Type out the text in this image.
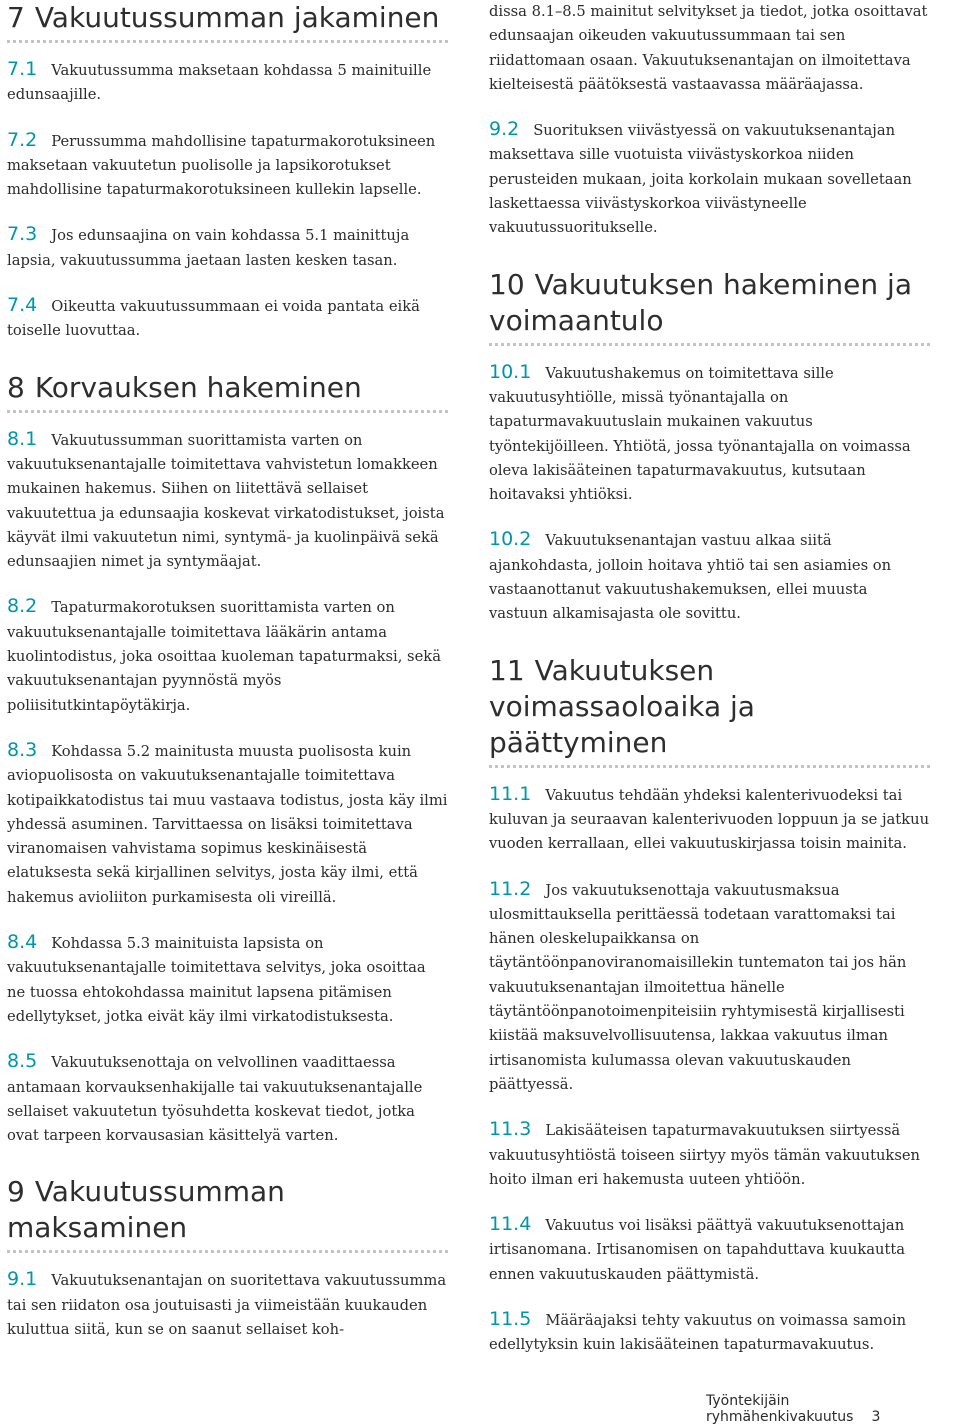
7 Vakuutussumman jakaminen

7.1 Vakuutussumma maksetaan kohdassa 5 mainituille edunsaajille.

7.2 Perussumma mahdollisine tapaturmakorotuksineen maksetaan vakuutetun puolisolle ja lapsikorotukset mahdollisine tapaturmakorotuksineen kullekin lapselle.

7.3 Jos edunsaajina on vain kohdassa 5.1 mainittuja lapsia, vakuutussumma jaetaan lasten kesken tasan.

7.4 Oikeutta vakuutussummaan ei voida pantata eikä toiselle luovuttaa.

8 Korvauksen hakeminen

8.1 Vakuutussumman suorittamista varten on vakuutuksenantajalle toimitettava vahvistetun lomakkeen mukainen hakemus. Siihen on liitettävä sellaiset vakuutettua ja edunsaajia koskevat virkatodistukset, joista käyvät ilmi vakuutetun nimi, syntymä- ja kuolinpäivä sekä edunsaajien nimet ja syntymäajat.

8.2 Tapaturmakorotuksen suorittamista varten on vakuutuksenantajalle toimitettava lääkärin antama kuolintodistus, joka osoittaa kuoleman tapaturmaksi, sekä vakuutuksenantajan pyynnöstä myös poliisitutkintapöytäkirja.

8.3 Kohdassa 5.2 mainitusta muusta puolisosta kuin aviopuolisosta on vakuutuksenantajalle toimitettava kotipaikkatodistus tai muu vastaava todistus, josta käy ilmi yhdessä asuminen. Tarvittaessa on lisäksi toimitettava viranomaisen vahvistama sopimus keskinäisestä elatuksesta sekä kirjallinen selvitys, josta käy ilmi, että hakemus avioliiton purkamisesta oli vireillä.

8.4 Kohdassa 5.3 mainituista lapsista on vakuutuksenantajalle toimitettava selvitys, joka osoittaa ne tuossa ehtokohdassa mainitut lapsena pitämisen edellytykset, jotka eivät käy ilmi virkatodistuksesta.

8.5 Vakuutuksenottaja on velvollinen vaadittaessa antamaan korvauksenhakijalle tai vakuutuksenantajalle sellaiset vakuutetun työsuhdetta koskevat tiedot, jotka ovat tarpeen korvausasian käsittelyä varten.

9 Vakuutussumman maksaminen

9.1 Vakuutuksenantajan on suoritettava vakuutussumma tai sen riidaton osa joutuisasti ja viimeistään kuukauden kuluttua siitä, kun se on saanut sellaiset koh-

dissa 8.1–8.5 mainitut selvitykset ja tiedot, jotka osoittavat edunsaajan oikeuden vakuutussummaan tai sen riidattomaan osaan. Vakuutuksenantajan on ilmoitettava kielteisestä päätöksestä vastaavassa määräajassa.

9.2 Suorituksen viivästyessä on vakuutuksenantajan maksettava sille vuotuista viivästyskorkoa niiden perusteiden mukaan, joita korkolain mukaan sovelletaan laskettaessa viivästyskorkoa viivästyneelle vakuutussuoritukselle.

10 Vakuutuksen hakeminen ja voimaantulo

10.1 Vakuutushakemus on toimitettava sille vakuutusyhtiölle, missä työnantajalla on tapaturmavakuutuslain mukainen vakuutus työntekijöilleen. Yhtiötä, jossa työnantajalla on voimassa oleva lakisääteinen tapaturmavakuutus, kutsutaan hoitavaksi yhtiöksi.

10.2 Vakuutuksenantajan vastuu alkaa siitä ajankohdasta, jolloin hoitava yhtiö tai sen asiamies on vastaanottanut vakuutushakemuksen, ellei muusta vastuun alkamisajasta ole sovittu.

11 Vakuutuksen voimassaoloaika ja päättyminen

11.1 Vakuutus tehdään yhdeksi kalenterivuodeksi tai kuluvan ja seuraavan kalenterivuoden loppuun ja se jatkuu vuoden kerrallaan, ellei vakuutuskirjassa toisin mainita.

11.2 Jos vakuutuksenottaja vakuutusmaksua ulosmittauksella perittäessä todetaan varattomaksi tai hänen oleskelupaikkansa on täytäntöönpanoviranomaisillekin tuntematon tai jos hän vakuutuksenantajan ilmoitettua hänelle täytäntöönpanotoimenpiteisiin ryhtymisestä kirjallisesti kiistää maksuvelvollisuutensa, lakkaa vakuutus ilman irtisanomista kulumassa olevan vakuutuskauden päättyessä.

11.3 Lakisääteisen tapaturmavakuutuksen siirtyessä vakuutusyhtiöstä toiseen siirtyy myös tämän vakuutuksen hoito ilman eri hakemusta uuteen yhtiöön.

11.4 Vakuutus voi lisäksi päättyä vakuutuksenottajan irtisanomana. Irtisanomisen on tapahduttava kuukautta ennen vakuutuskauden päättymistä.

11.5 Määräajaksi tehty vakuutus on voimassa samoin edellytyksin kuin lakisääteinen tapaturmavakuutus.

Työntekijäin ryhmähenkivakuutus 3
